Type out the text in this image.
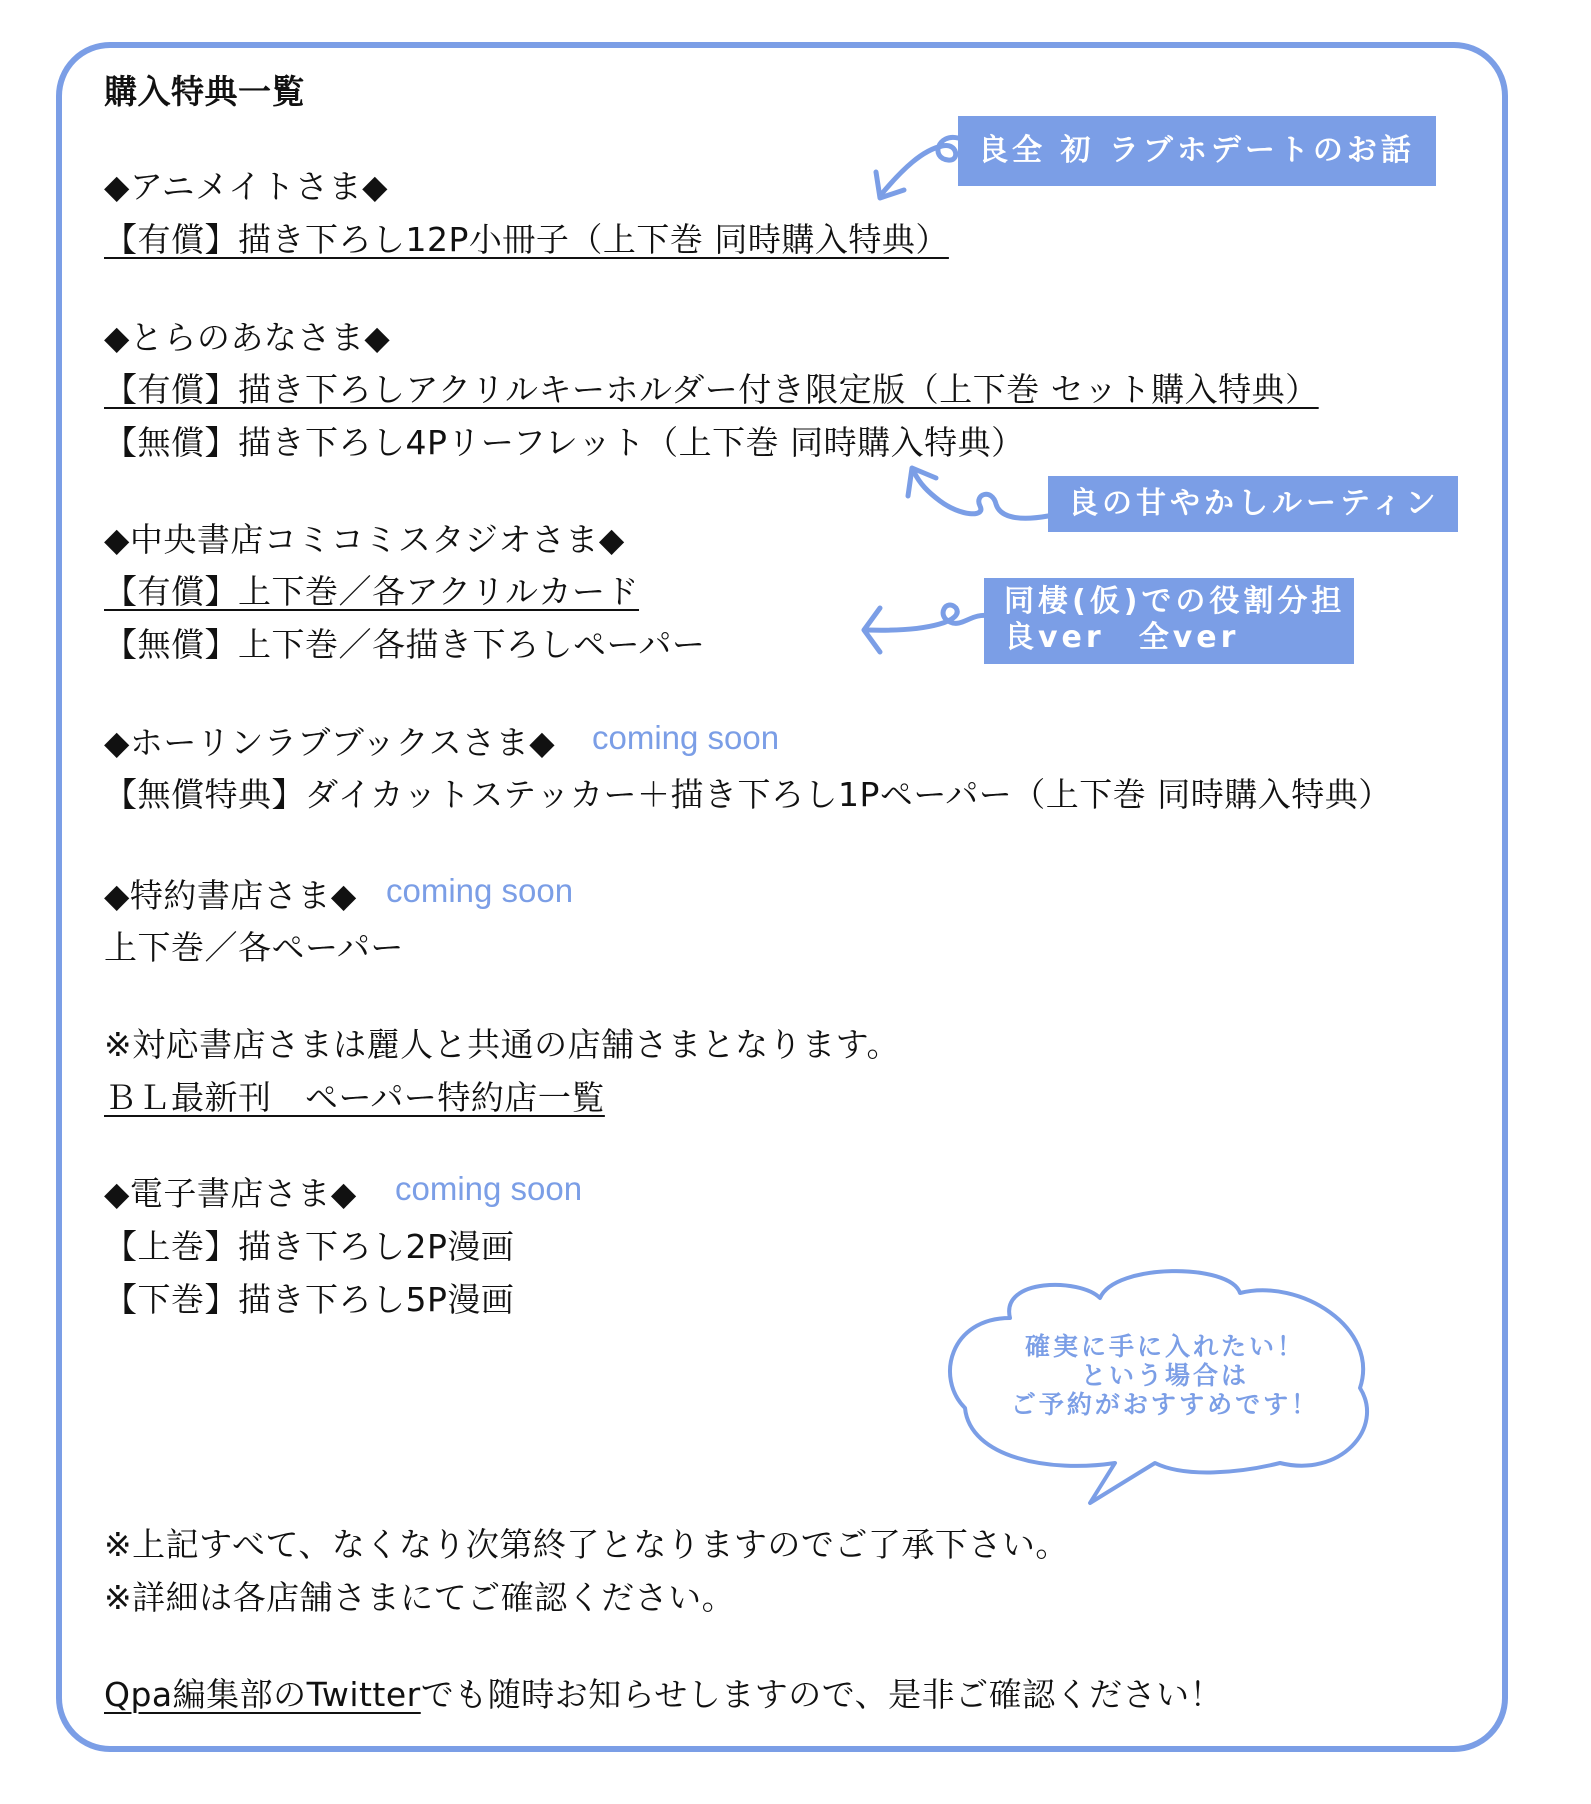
購入特典一覧
◆アニメイトさま◆
【有償】描き下ろし12P小冊子（上下巻 同時購入特典）
◆とらのあなさま◆
【有償】描き下ろしアクリルキーホルダー付き限定版（上下巻 セット購入特典）
【無償】描き下ろし4Pリーフレット（上下巻 同時購入特典）
◆中央書店コミコミスタジオさま◆
【有償】上下巻／各アクリルカード
【無償】上下巻／各描き下ろしペーパー
◆ホーリンラブブックスさま◆ coming soon
【無償特典】ダイカットステッカー＋描き下ろし1Pペーパー（上下巻 同時購入特典）
◆特約書店さま◆ coming soon
上下巻／各ペーパー
※対応書店さまは麗人と共通の店舗さまとなります。
ＢＬ最新刊　ペーパー特約店一覧
◆電子書店さま◆ coming soon
【上巻】描き下ろし2P漫画
【下巻】描き下ろし5P漫画
※上記すべて、なくなり次第終了となりますのでご了承下さい。
※詳細は各店舗さまにてご確認ください。
Qpa編集部のTwitterでも随時お知らせしますので、是非ご確認ください！
良全 初 ラブホデートのお話
良の甘やかしルーティン
同棲(仮)での役割分担
良ver　全ver
確実に手に入れたい！
という場合は
ご予約がおすすめです！
